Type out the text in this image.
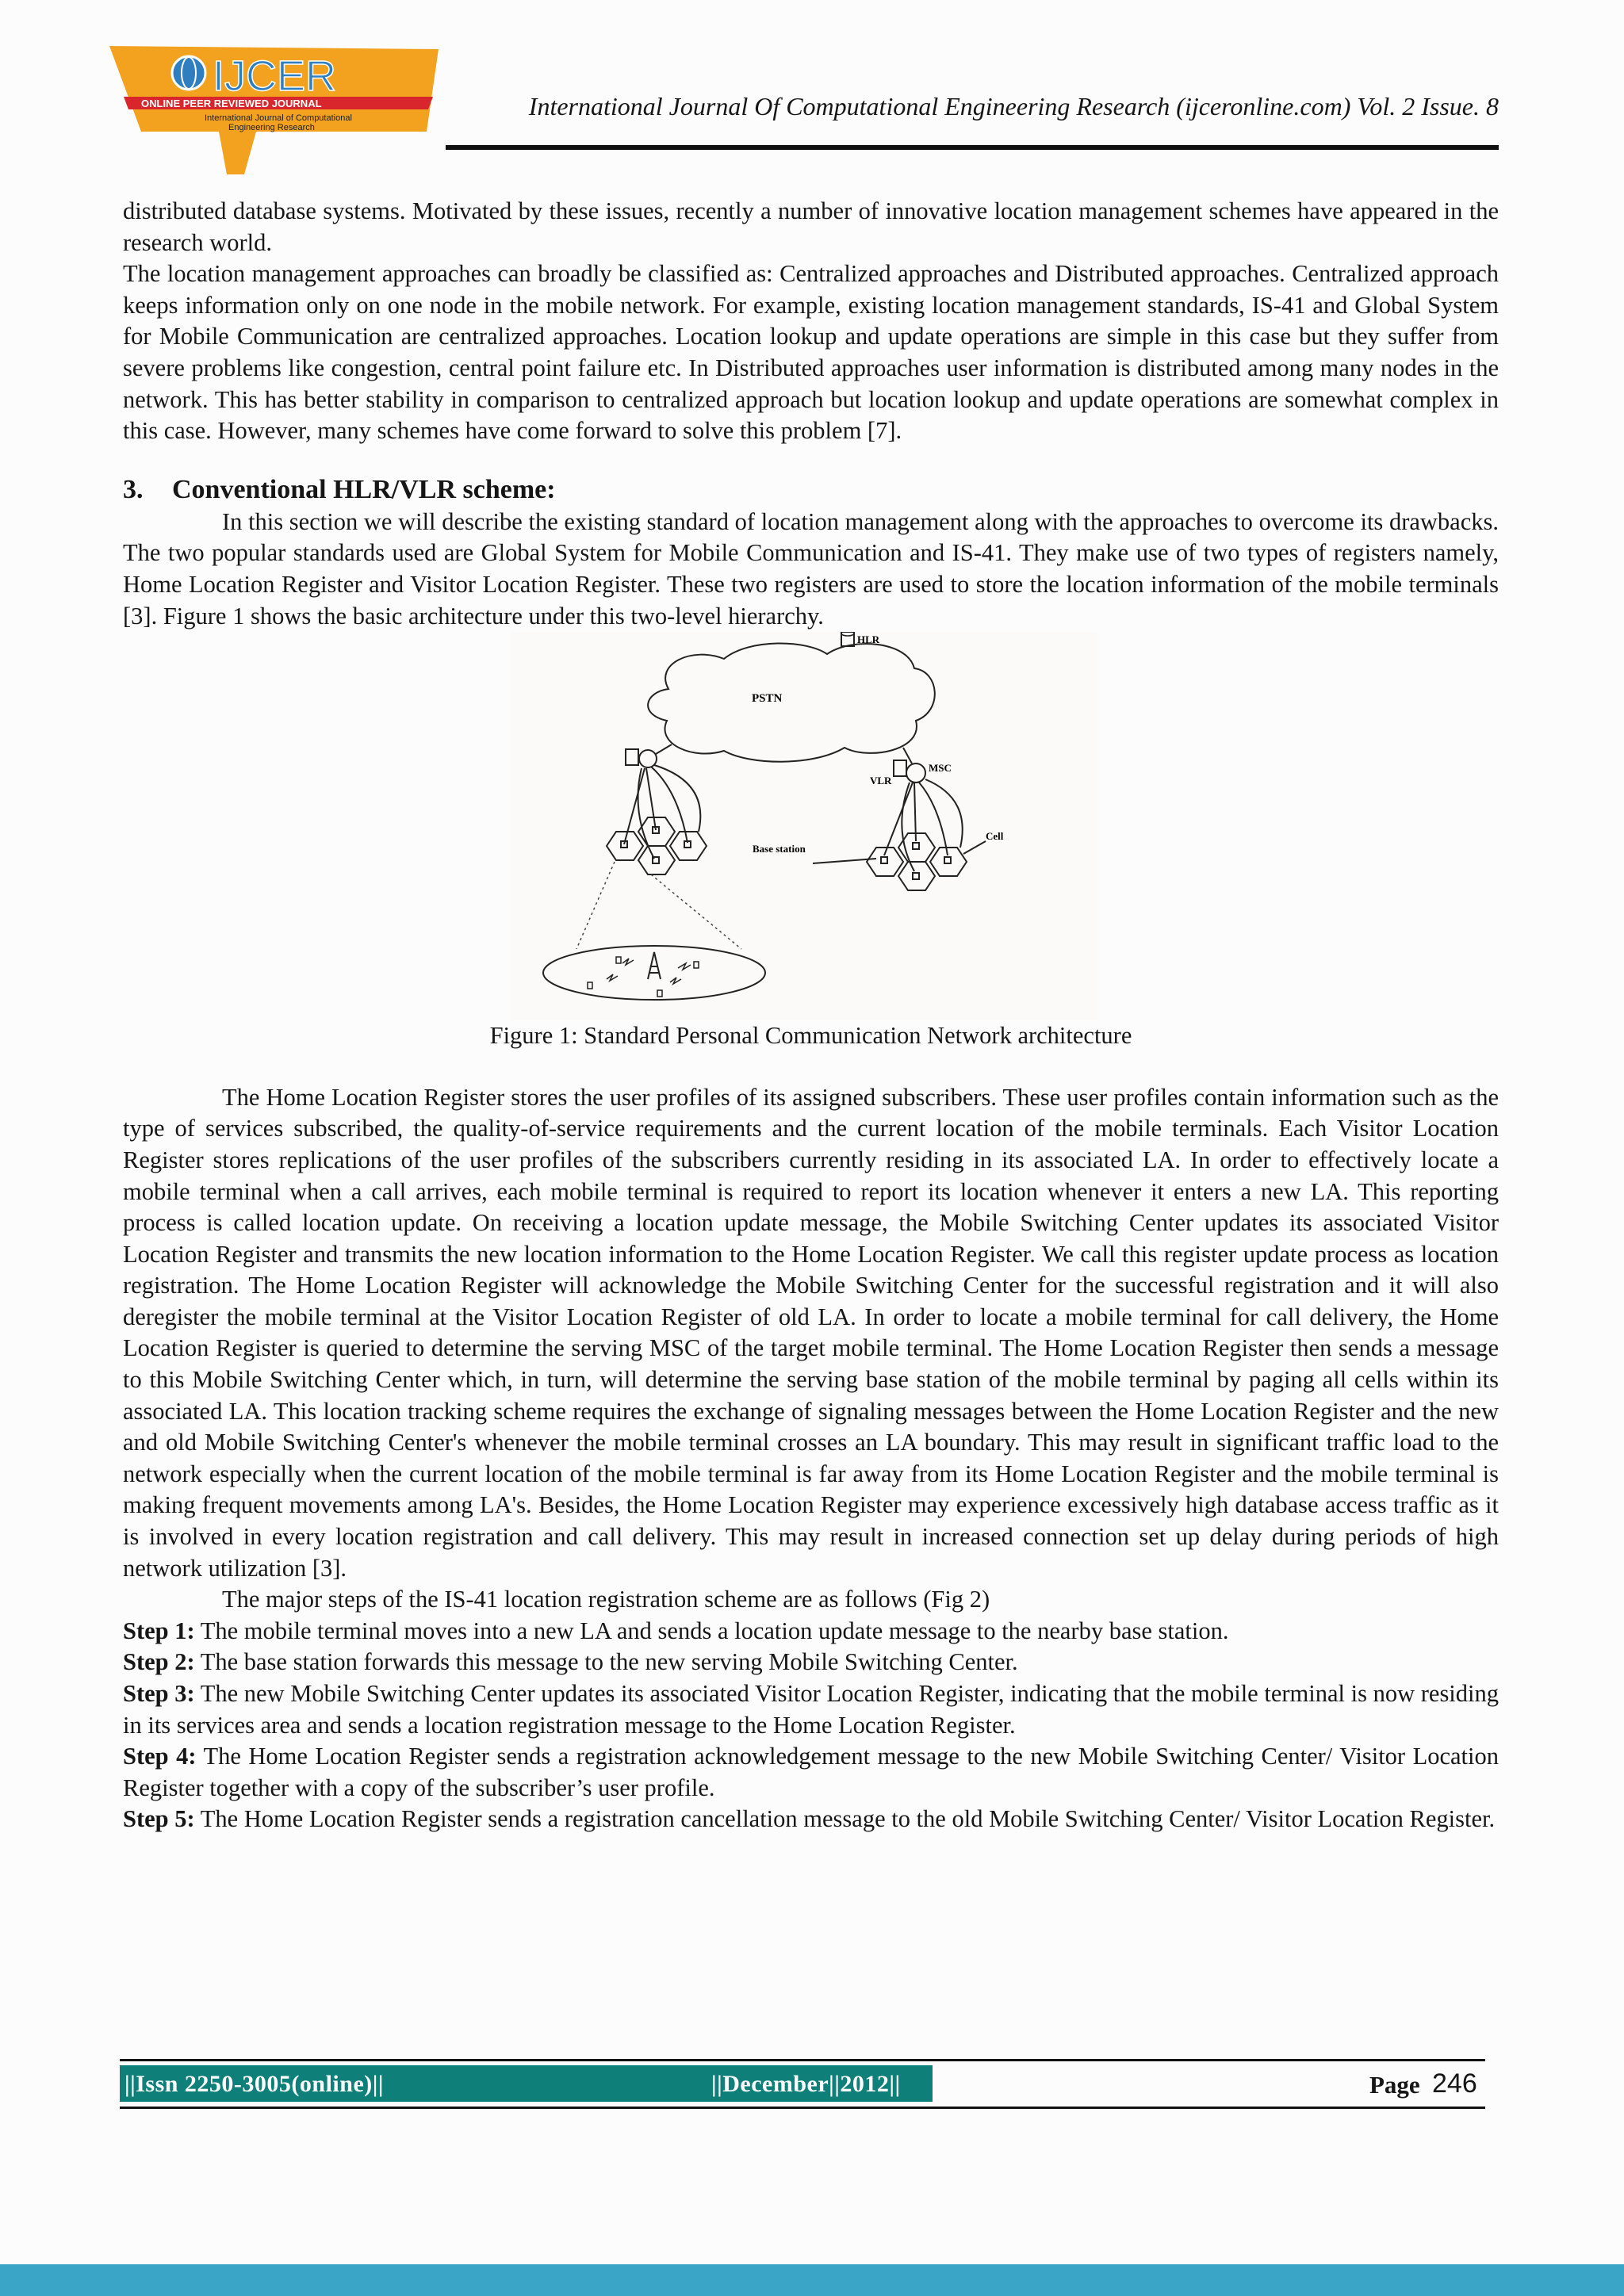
IJCER
ONLINE PEER REVIEWED JOURNAL
International Journal of Computational
Engineering Research
International Journal Of Computational Engineering Research (ijceronline.com) Vol. 2 Issue. 8

distributed database systems. Motivated by these issues, recently a number of innovative location management schemes have appeared in the research world.

The location management approaches can broadly be classified as: Centralized approaches and Distributed approaches. Centralized approach keeps information only on one node in the mobile network. For example, existing location management standards, IS-41 and Global System for Mobile Communication are centralized approaches. Location lookup and update operations are simple in this case but they suffer from severe problems like congestion, central point failure etc. In Distributed approaches user information is distributed among many nodes in the network. This has better stability in comparison to centralized approach but location lookup and update operations are somewhat complex in this case. However, many schemes have come forward to solve this problem [7].

3. Conventional HLR/VLR scheme:

In this section we will describe the existing standard of location management along with the approaches to overcome its drawbacks. The two popular standards used are Global System for Mobile Communication and IS-41. They make use of two types of registers namely, Home Location Register and Visitor Location Register. These two registers are used to store the location information of the mobile terminals [3]. Figure 1 shows the basic architecture under this two-level hierarchy.

PSTN
HLR
VLR
MSC
Base station
Cell

Figure 1: Standard Personal Communication Network architecture

The Home Location Register stores the user profiles of its assigned subscribers. These user profiles contain information such as the type of services subscribed, the quality-of-service requirements and the current location of the mobile terminals. Each Visitor Location Register stores replications of the user profiles of the subscribers currently residing in its associated LA. In order to effectively locate a mobile terminal when a call arrives, each mobile terminal is required to report its location whenever it enters a new LA. This reporting process is called location update. On receiving a location update message, the Mobile Switching Center updates its associated Visitor Location Register and transmits the new location information to the Home Location Register. We call this register update process as location registration. The Home Location Register will acknowledge the Mobile Switching Center for the successful registration and it will also deregister the mobile terminal at the Visitor Location Register of old LA. In order to locate a mobile terminal for call delivery, the Home Location Register is queried to determine the serving MSC of the target mobile terminal. The Home Location Register then sends a message to this Mobile Switching Center which, in turn, will determine the serving base station of the mobile terminal by paging all cells within its associated LA. This location tracking scheme requires the exchange of signaling messages between the Home Location Register and the new and old Mobile Switching Center's whenever the mobile terminal crosses an LA boundary. This may result in significant traffic load to the network especially when the current location of the mobile terminal is far away from its Home Location Register and the mobile terminal is making frequent movements among LA's. Besides, the Home Location Register may experience excessively high database access traffic as it is involved in every location registration and call delivery. This may result in increased connection set up delay during periods of high network utilization [3].

The major steps of the IS-41 location registration scheme are as follows (Fig 2)

Step 1: The mobile terminal moves into a new LA and sends a location update message to the nearby base station.

Step 2: The base station forwards this message to the new serving Mobile Switching Center.

Step 3: The new Mobile Switching Center updates its associated Visitor Location Register, indicating that the mobile terminal is now residing in its services area and sends a location registration message to the Home Location Register.

Step 4: The Home Location Register sends a registration acknowledgement message to the new Mobile Switching Center/ Visitor Location Register together with a copy of the subscriber’s user profile.

Step 5: The Home Location Register sends a registration cancellation message to the old Mobile Switching Center/ Visitor Location Register.

||Issn 2250-3005(online)||	||December||2012||	Page 246
